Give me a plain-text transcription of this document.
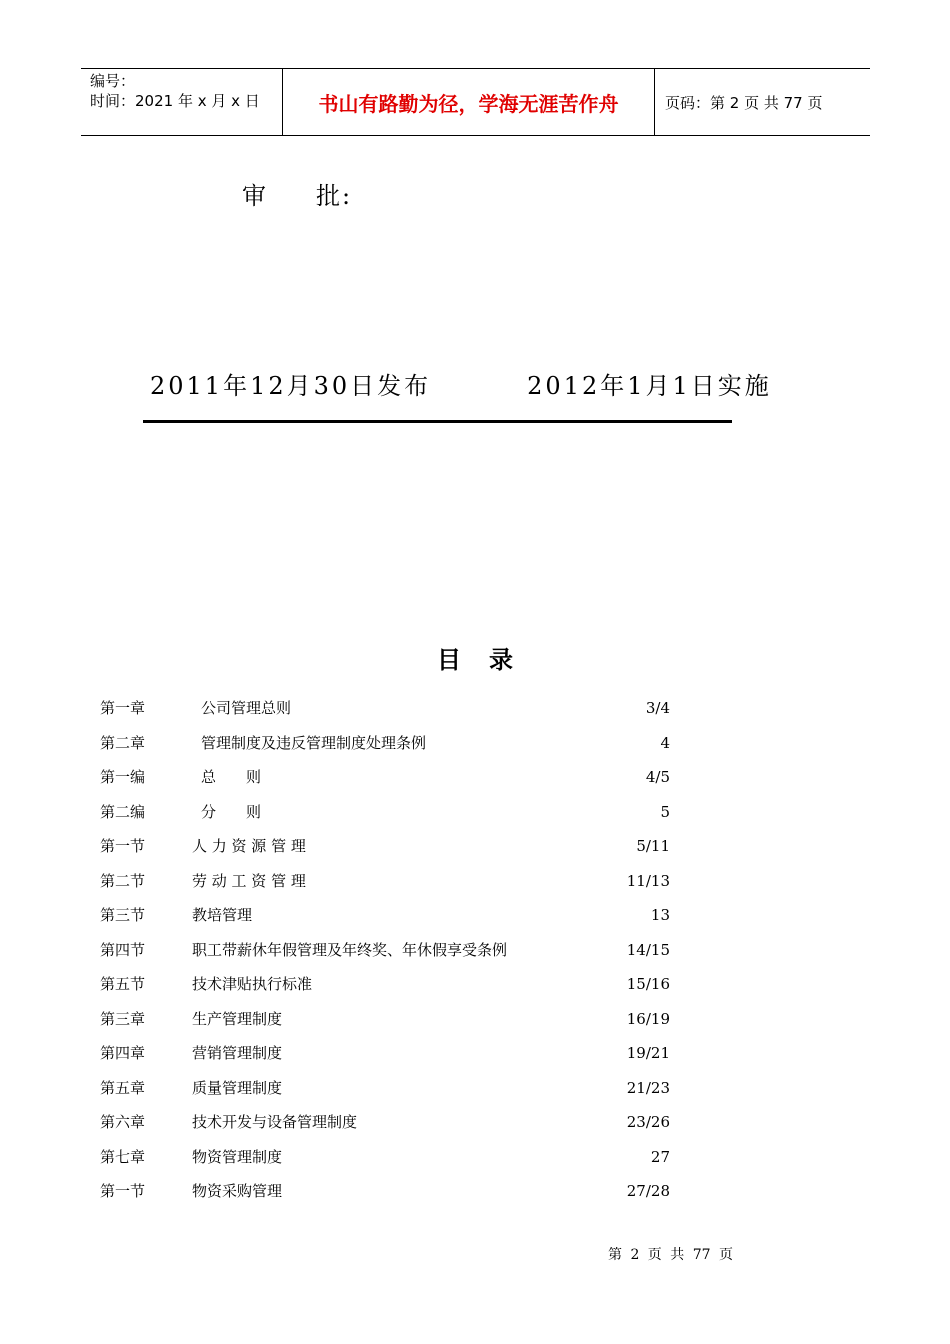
编号：
时间：2021 年 x 月 x 日	书山有路勤为径，学海无涯苦作舟	页码：第 2 页 共 77 页
审 批:
2011年12月30日发布	2012年1月1日实施
目录
第一章	公司管理总则	3/4
第二章	管理制度及违反管理制度处理条例	4
第一编	总　　则	4/5
第二编	分　　则	5
第一节	人 力 资 源 管 理	5/11
第二节	劳 动 工 资 管 理	11/13
第三节	教培管理	13
第四节	职工带薪休年假管理及年终奖、年休假享受条例	14/15
第五节	技术津贴执行标准	15/16
第三章	生产管理制度	16/19
第四章	营销管理制度	19/21
第五章	质量管理制度	21/23
第六章	技术开发与设备管理制度	23/26
第七章	物资管理制度	27
第一节	物资采购管理	27/28
第 2 页 共 77 页
